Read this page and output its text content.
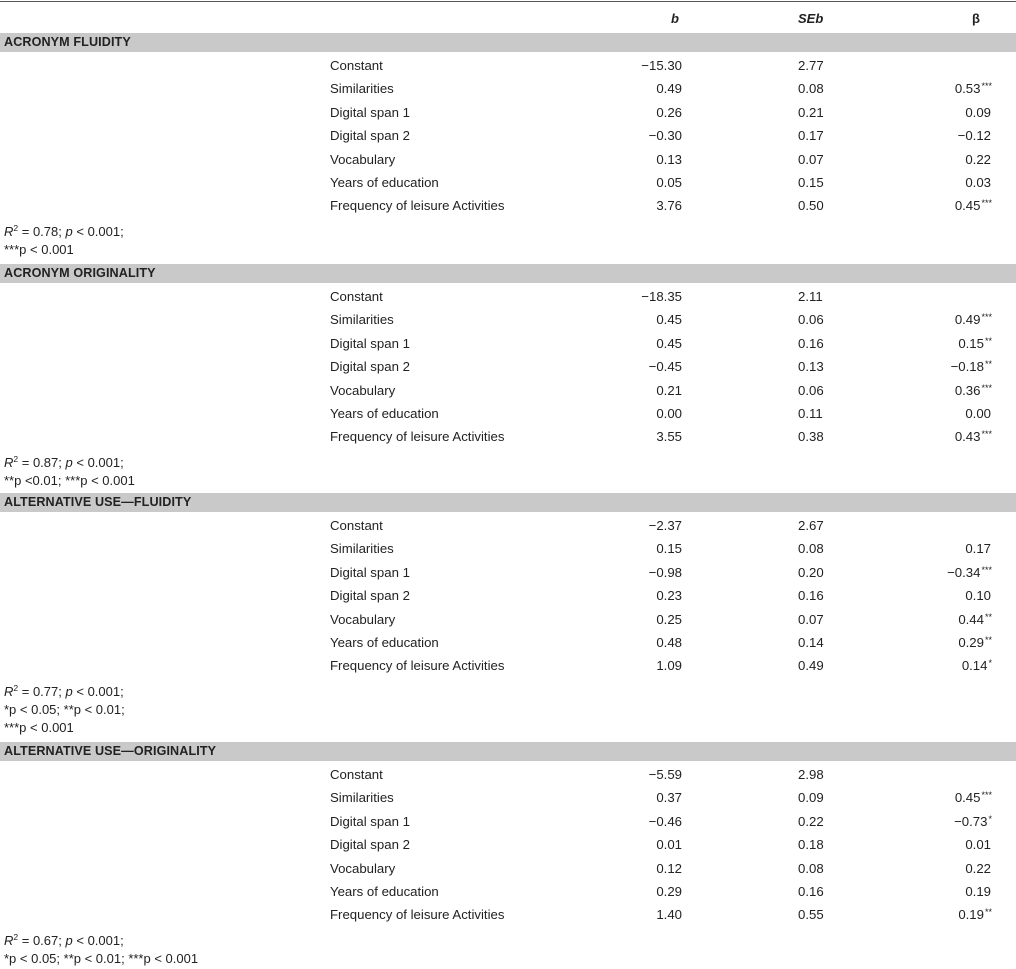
b	SEb	β
ACRONYM FLUIDITY
Constant	−15.30	2.77
Similarities	0.49	0.08	0.53***
Digital span 1	0.26	0.21	0.09
Digital span 2	−0.30	0.17	−0.12
Vocabulary	0.13	0.07	0.22
Years of education	0.05	0.15	0.03
Frequency of leisure Activities	3.76	0.50	0.45***
$R^2 = 0.78$; p < 0.001;
***p < 0.001
ACRONYM ORIGINALITY
Constant	−18.35	2.11
Similarities	0.45	0.06	0.49***
Digital span 1	0.45	0.16	0.15**
Digital span 2	−0.45	0.13	−0.18**
Vocabulary	0.21	0.06	0.36***
Years of education	0.00	0.11	0.00
Frequency of leisure Activities	3.55	0.38	0.43***
$R^2 = 0.87$; p < 0.001;
**p <0.01; ***p < 0.001
ALTERNATIVE USE—FLUIDITY
Constant	−2.37	2.67
Similarities	0.15	0.08	0.17
Digital span 1	−0.98	0.20	−0.34***
Digital span 2	0.23	0.16	0.10
Vocabulary	0.25	0.07	0.44**
Years of education	0.48	0.14	0.29**
Frequency of leisure Activities	1.09	0.49	0.14*
$R^2 = 0.77$; p < 0.001;
*p < 0.05; **p < 0.01;
***p < 0.001
ALTERNATIVE USE—ORIGINALITY
Constant	−5.59	2.98
Similarities	0.37	0.09	0.45***
Digital span 1	−0.46	0.22	−0.73*
Digital span 2	0.01	0.18	0.01
Vocabulary	0.12	0.08	0.22
Years of education	0.29	0.16	0.19
Frequency of leisure Activities	1.40	0.55	0.19**
$R^2 = 0.67$; p < 0.001;
*p < 0.05; **p < 0.01; ***p < 0.001
